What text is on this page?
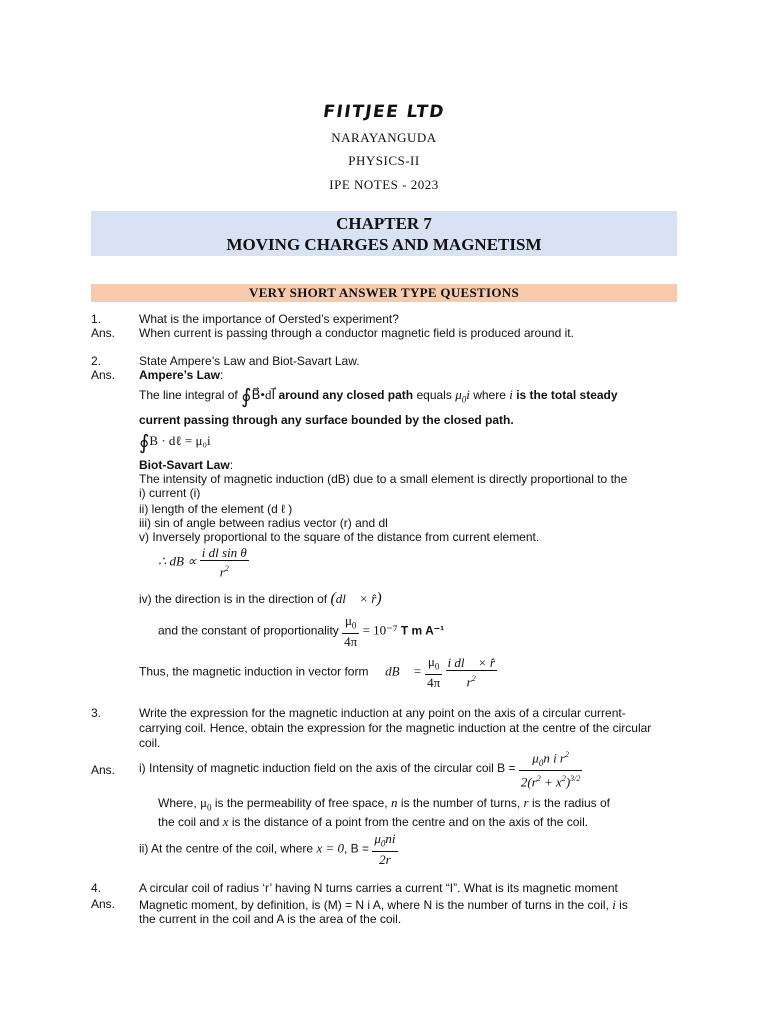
FIITJEE LTD
NARAYANGUDA
PHYSICS-II
IPE NOTES - 2023
CHAPTER 7
MOVING CHARGES AND MAGNETISM
VERY SHORT ANSWER TYPE QUESTIONS
1.	What is the importance of Oersted’s experiment?
Ans. When current is passing through a conductor magnetic field is produced around it.
2.	State Ampere’s Law and Biot-Savart Law.
Ans. Ampere’s Law:
The line integral of ∮B⃗•dl⃗ around any closed path equals $\mu_0i$ where i is the total steady
current passing through any surface bounded by the closed path.
∮B · dℓ = μ₀i
Biot-Savart Law:
The intensity of magnetic induction (dB) due to a small element is directly proportional to the
i) current (i)
ii) length of the element (d ℓ )
iii) sin of angle between radius vector (r) and dl
v) Inversely proportional to the square of the distance from current element.
∴ dB ∝ $\frac{\text{i dl sin θ}}{r^2}$
iv) the direction is in the direction of (dl⃗ × r̂)
and the constant of proportionality $\frac{\mu_0}{4\pi} = 10^{-7}$ T m A⁻¹
Thus, the magnetic induction in vector form ∴ dB⃗ = $\frac{\mu_0}{4\pi}$
$\frac{\text{i dl⃗ × r̂}}{r^2}$
3.	Write the expression for the magnetic induction at any point on the axis of a circular current-carrying coil. Hence, obtain the expression for the magnetic induction at the centre of the circular coil.
Ans. i) Intensity of magnetic induction field on the axis of the circular coil $B = \frac{\mu_0n i r^2}{2(r^2 + x^2)^{3/2}}$
Where, $\mu_0$ is the permeability of free space, n is the number of turns, r is the radius of
the coil and x is the distance of a point from the centre and on the axis of the coil.
ii) At the centre of the coil, where x = 0, $B = \frac{\mu_0ni}{2r}$
4.	A circular coil of radius ‘r’ having N turns carries a current “I”. What is its magnetic moment
Ans. Magnetic moment, by definition, is (M) = N i A, where N is the number of turns in the coil, i is
the current in the coil and A is the area of the coil.
